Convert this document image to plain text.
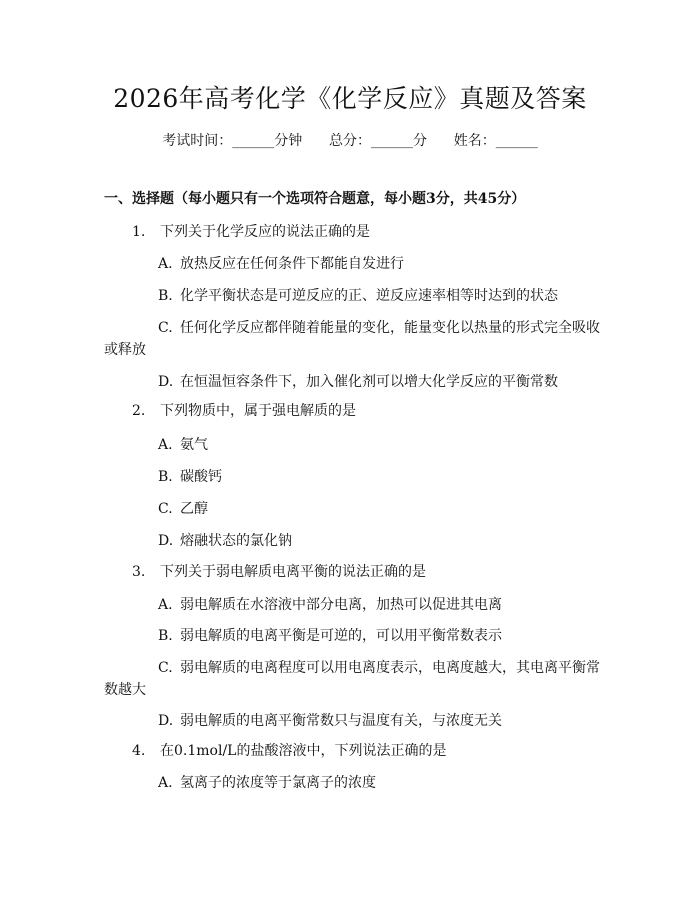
2026年高考化学《化学反应》真题及答案
考试时间：______分钟      总分：______分      姓名：______
一、选择题（每小题只有一个选项符合题意，每小题3分，共45分）
1. 下列关于化学反应的说法正确的是
A. 放热反应在任何条件下都能自发进行
B. 化学平衡状态是可逆反应的正、逆反应速率相等时达到的状态
C. 任何化学反应都伴随着能量的变化，能量变化以热量的形式完全吸收
或释放
D. 在恒温恒容条件下，加入催化剂可以增大化学反应的平衡常数
2. 下列物质中，属于强电解质的是
A. 氨气
B. 碳酸钙
C. 乙醇
D. 熔融状态的氯化钠
3. 下列关于弱电解质电离平衡的说法正确的是
A. 弱电解质在水溶液中部分电离，加热可以促进其电离
B. 弱电解质的电离平衡是可逆的，可以用平衡常数表示
C. 弱电解质的电离程度可以用电离度表示，电离度越大，其电离平衡常
数越大
D. 弱电解质的电离平衡常数只与温度有关，与浓度无关
4. 在0.1mol/L的盐酸溶液中，下列说法正确的是
A. 氢离子的浓度等于氯离子的浓度
